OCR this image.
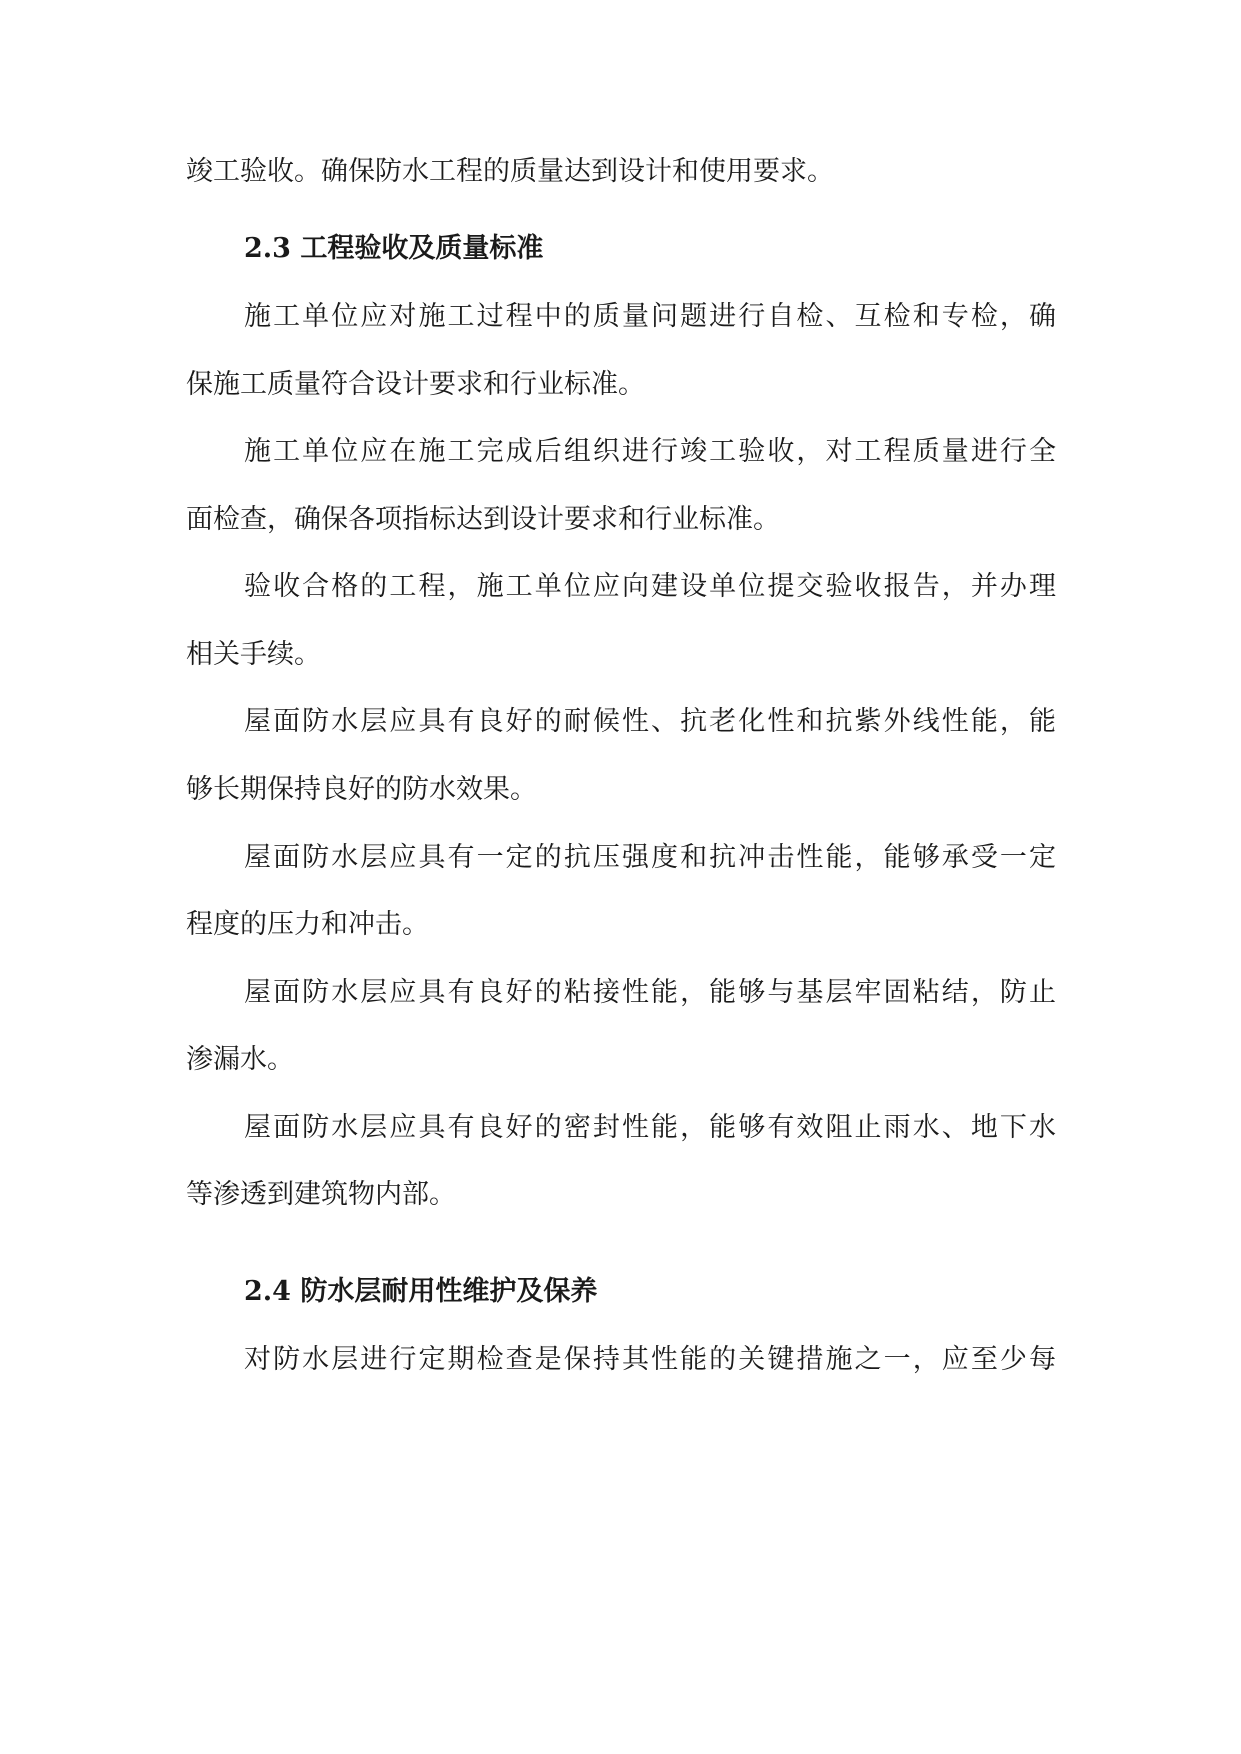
竣工验收。确保防水工程的质量达到设计和使用要求。
2.3 工程验收及质量标准
施工单位应对施工过程中的质量问题进行自检、互检和专检，确
保施工质量符合设计要求和行业标准。
施工单位应在施工完成后组织进行竣工验收，对工程质量进行全
面检查，确保各项指标达到设计要求和行业标准。
验收合格的工程，施工单位应向建设单位提交验收报告，并办理
相关手续。
屋面防水层应具有良好的耐候性、抗老化性和抗紫外线性能，能
够长期保持良好的防水效果。
屋面防水层应具有一定的抗压强度和抗冲击性能，能够承受一定
程度的压力和冲击。
屋面防水层应具有良好的粘接性能，能够与基层牢固粘结，防止
渗漏水。
屋面防水层应具有良好的密封性能，能够有效阻止雨水、地下水
等渗透到建筑物内部。
2.4 防水层耐用性维护及保养
对防水层进行定期检查是保持其性能的关键措施之一，应至少每
